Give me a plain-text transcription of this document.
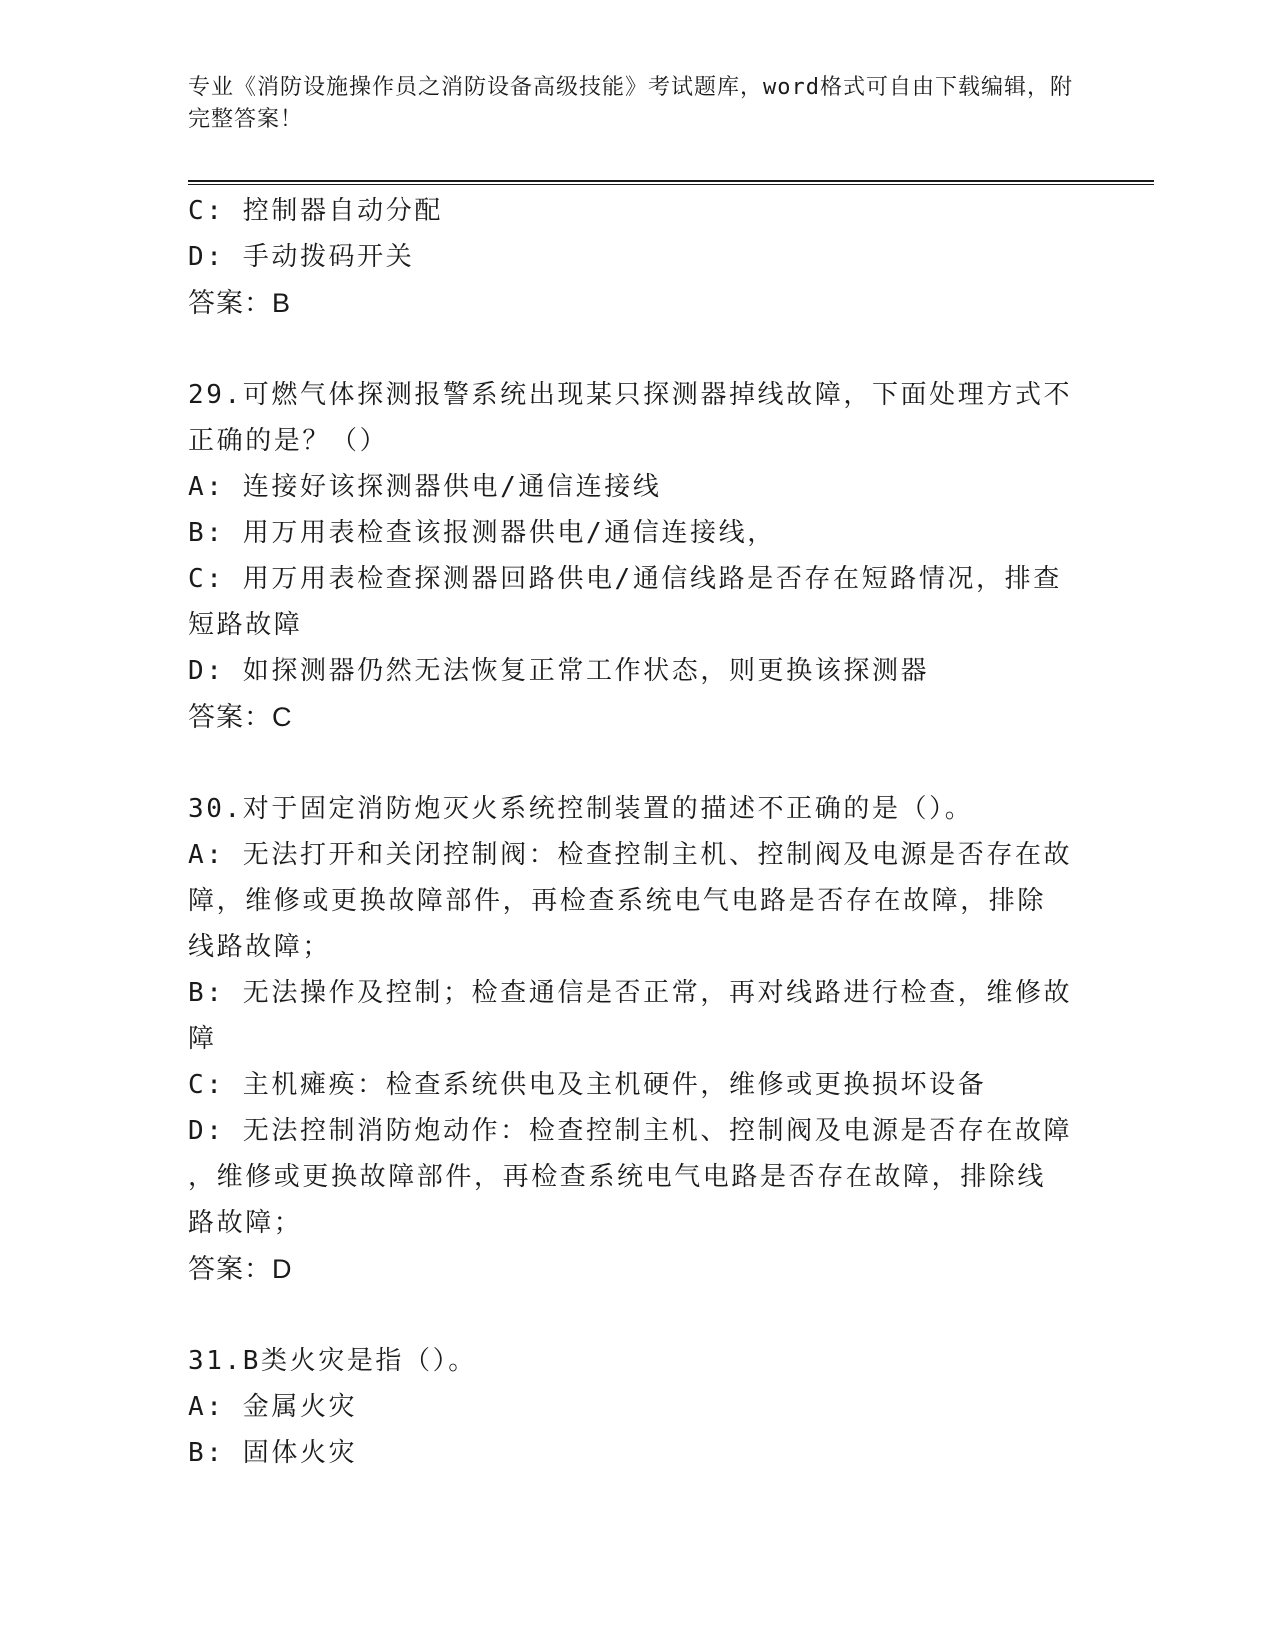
专业《消防设施操作员之消防设备高级技能》考试题库，word格式可自由下载编辑，附完整答案！
C: 控制器自动分配
D: 手动拨码开关
答案：B
29.可燃气体探测报警系统出现某只探测器掉线故障，下面处理方式不
正确的是？（）
A: 连接好该探测器供电/通信连接线
B: 用万用表检查该报测器供电/通信连接线，
C: 用万用表检查探测器回路供电/通信线路是否存在短路情况，排查
短路故障
D: 如探测器仍然无法恢复正常工作状态，则更换该探测器
答案：C
30.对于固定消防炮灭火系统控制装置的描述不正确的是（）。
A: 无法打开和关闭控制阀：检查控制主机、控制阀及电源是否存在故
障，维修或更换故障部件，再检查系统电气电路是否存在故障，排除
线路故障；
B: 无法操作及控制；检查通信是否正常，再对线路进行检查，维修故
障
C: 主机瘫痪：检查系统供电及主机硬件，维修或更换损坏设备
D: 无法控制消防炮动作：检查控制主机、控制阀及电源是否存在故障
，维修或更换故障部件，再检查系统电气电路是否存在故障，排除线
路故障；
答案：D
31.B类火灾是指（）。
A: 金属火灾
B: 固体火灾
